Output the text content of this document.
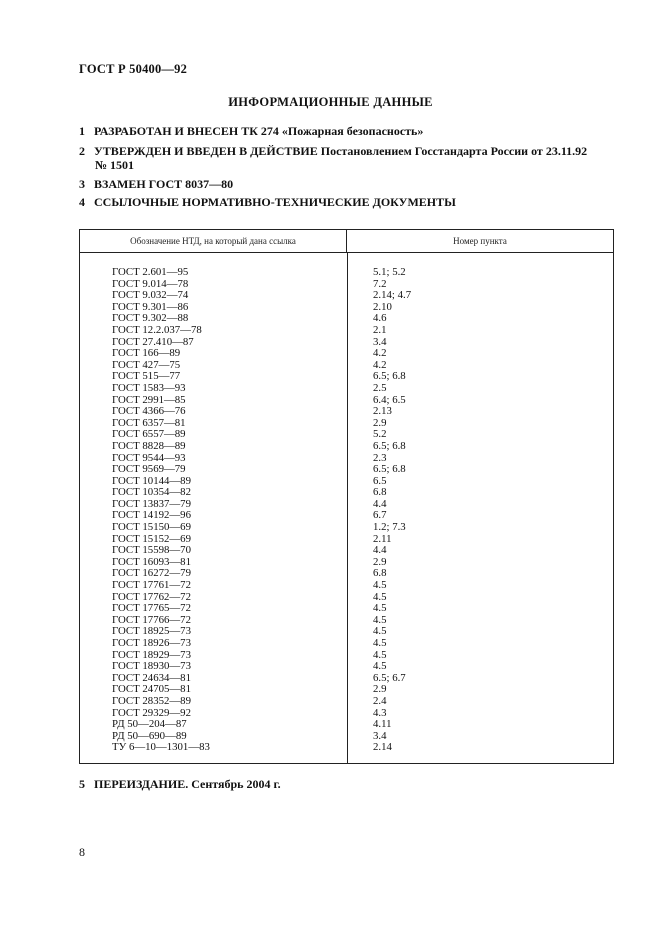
ГОСТ Р 50400—92
ИНФОРМАЦИОННЫЕ ДАННЫЕ
1 РАЗРАБОТАН И ВНЕСЕН ТК 274 «Пожарная безопасность»
2 УТВЕРЖДЕН И ВВЕДЕН В ДЕЙСТВИЕ Постановлением Госстандарта России от 23.11.92
№ 1501
3 ВЗАМЕН ГОСТ 8037—80
4 ССЫЛОЧНЫЕ НОРМАТИВНО-ТЕХНИЧЕСКИЕ ДОКУМЕНТЫ
Обозначение НТД, на который дана ссылка	Номер пункта
ГОСТ 2.601—95	5.1; 5.2
ГОСТ 9.014—78	7.2
ГОСТ 9.032—74	2.14; 4.7
ГОСТ 9.301—86	2.10
ГОСТ 9.302—88	4.6
ГОСТ 12.2.037—78	2.1
ГОСТ 27.410—87	3.4
ГОСТ 166—89	4.2
ГОСТ 427—75	4.2
ГОСТ 515—77	6.5; 6.8
ГОСТ 1583—93	2.5
ГОСТ 2991—85	6.4; 6.5
ГОСТ 4366—76	2.13
ГОСТ 6357—81	2.9
ГОСТ 6557—89	5.2
ГОСТ 8828—89	6.5; 6.8
ГОСТ 9544—93	2.3
ГОСТ 9569—79	6.5; 6.8
ГОСТ 10144—89	6.5
ГОСТ 10354—82	6.8
ГОСТ 13837—79	4.4
ГОСТ 14192—96	6.7
ГОСТ 15150—69	1.2; 7.3
ГОСТ 15152—69	2.11
ГОСТ 15598—70	4.4
ГОСТ 16093—81	2.9
ГОСТ 16272—79	6.8
ГОСТ 17761—72	4.5
ГОСТ 17762—72	4.5
ГОСТ 17765—72	4.5
ГОСТ 17766—72	4.5
ГОСТ 18925—73	4.5
ГОСТ 18926—73	4.5
ГОСТ 18929—73	4.5
ГОСТ 18930—73	4.5
ГОСТ 24634—81	6.5; 6.7
ГОСТ 24705—81	2.9
ГОСТ 28352—89	2.4
ГОСТ 29329—92	4.3
РД 50—204—87	4.11
РД 50—690—89	3.4
ТУ 6—10—1301—83	2.14
5 ПЕРЕИЗДАНИЕ. Сентябрь 2004 г.
8
